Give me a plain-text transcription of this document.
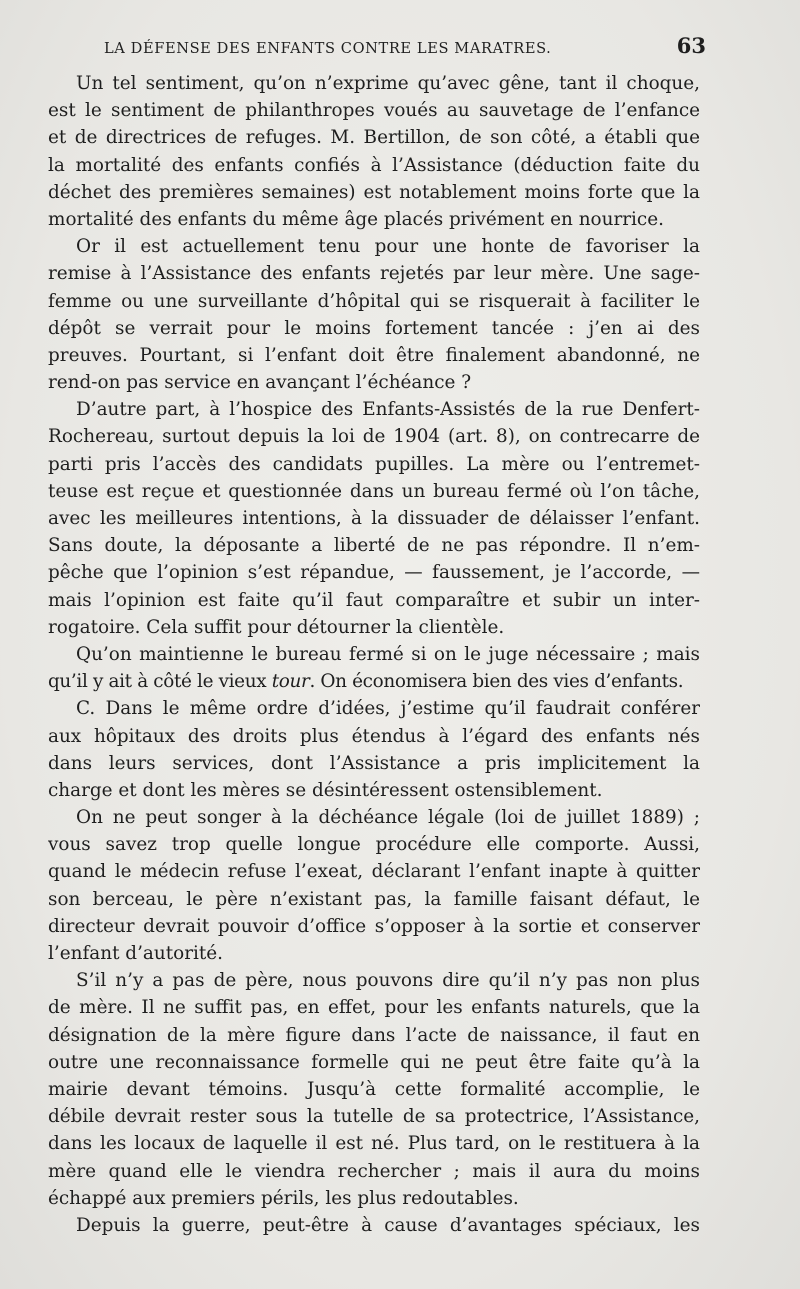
LA DÉFENSE DES ENFANTS CONTRE LES MARATRES.	63
Un tel sentiment, qu’on n’exprime qu’avec gêne, tant il choque,
est le sentiment de philanthropes voués au sauvetage de l’enfance
et de directrices de refuges. M. Bertillon, de son côté, a établi que
la mortalité des enfants confiés à l’Assistance (déduction faite du
déchet des premières semaines) est notablement moins forte que la
mortalité des enfants du même âge placés privément en nourrice.
Or il est actuellement tenu pour une honte de favoriser la
remise à l’Assistance des enfants rejetés par leur mère. Une sage-
femme ou une surveillante d’hôpital qui se risquerait à faciliter le
dépôt se verrait pour le moins fortement tancée : j’en ai des
preuves. Pourtant, si l’enfant doit être finalement abandonné, ne
rend-on pas service en avançant l’échéance ?
D’autre part, à l’hospice des Enfants-Assistés de la rue Denfert-
Rochereau, surtout depuis la loi de 1904 (art. 8), on contrecarre de
parti pris l’accès des candidats pupilles. La mère ou l’entremet-
teuse est reçue et questionnée dans un bureau fermé où l’on tâche,
avec les meilleures intentions, à la dissuader de délaisser l’enfant.
Sans doute, la déposante a liberté de ne pas répondre. Il n’em-
pêche que l’opinion s’est répandue, — faussement, je l’accorde, —
mais l’opinion est faite qu’il faut comparaître et subir un inter-
rogatoire. Cela suffit pour détourner la clientèle.
Qu’on maintienne le bureau fermé si on le juge nécessaire ; mais
qu’il y ait à côté le vieux tour. On économisera bien des vies d’enfants.
C. Dans le même ordre d’idées, j’estime qu’il faudrait conférer
aux hôpitaux des droits plus étendus à l’égard des enfants nés
dans leurs services, dont l’Assistance a pris implicitement la
charge et dont les mères se désintéressent ostensiblement.
On ne peut songer à la déchéance légale (loi de juillet 1889) ;
vous savez trop quelle longue procédure elle comporte. Aussi,
quand le médecin refuse l’exeat, déclarant l’enfant inapte à quitter
son berceau, le père n’existant pas, la famille faisant défaut, le
directeur devrait pouvoir d’office s’opposer à la sortie et conserver
l’enfant d’autorité.
S’il n’y a pas de père, nous pouvons dire qu’il n’y pas non plus
de mère. Il ne suffit pas, en effet, pour les enfants naturels, que la
désignation de la mère figure dans l’acte de naissance, il faut en
outre une reconnaissance formelle qui ne peut être faite qu’à la
mairie devant témoins. Jusqu’à cette formalité accomplie, le
débile devrait rester sous la tutelle de sa protectrice, l’Assistance,
dans les locaux de laquelle il est né. Plus tard, on le restituera à la
mère quand elle le viendra rechercher ; mais il aura du moins
échappé aux premiers périls, les plus redoutables.
Depuis la guerre, peut-être à cause d’avantages spéciaux, les
